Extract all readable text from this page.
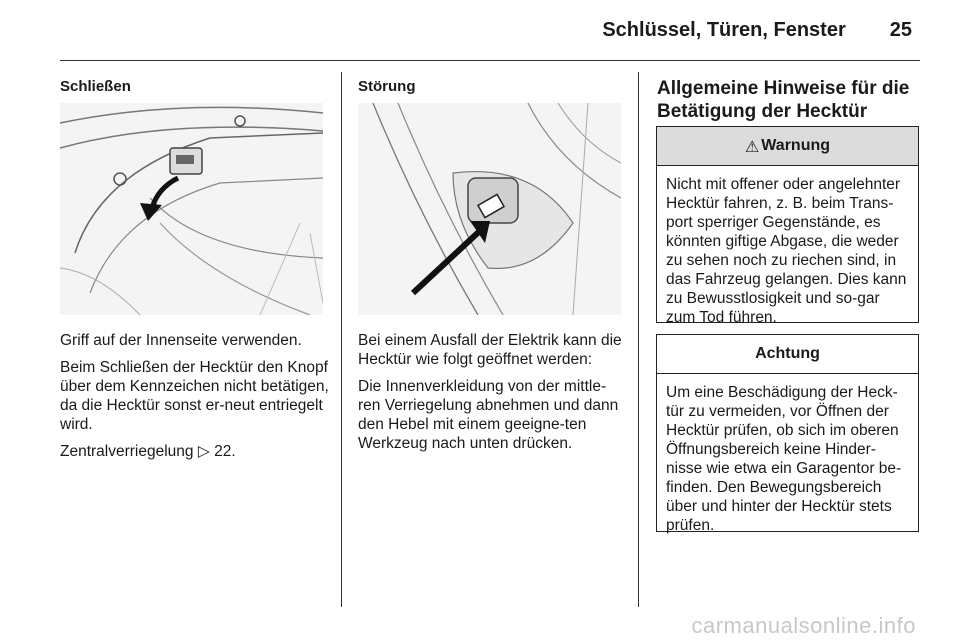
Schlüssel, Türen, Fenster 25
Schließen

Griff auf der Innenseite verwenden.

Beim Schließen der Hecktür den Knopf über dem Kennzeichen nicht betätigen, da die Hecktür sonst er-neut entriegelt wird.

Zentralverriegelung ▷ 22.

Störung

Bei einem Ausfall der Elektrik kann die Hecktür wie folgt geöffnet werden:

Die Innenverkleidung von der mittle-ren Verriegelung abnehmen und dann den Hebel mit einem geeigne-ten Werkzeug nach unten drücken.

Allgemeine Hinweise für die Betätigung der Hecktür
⚠ Warnung
Nicht mit offener oder angelehnter Hecktür fahren, z. B. beim Trans-port sperriger Gegenstände, es könnten giftige Abgase, die weder zu sehen noch zu riechen sind, in das Fahrzeug gelangen. Dies kann zu Bewusstlosigkeit und so-gar zum Tod führen.
Achtung
Um eine Beschädigung der Heck-tür zu vermeiden, vor Öffnen der Hecktür prüfen, ob sich im oberen Öffnungsbereich keine Hinder-nisse wie etwa ein Garagentor be-finden. Den Bewegungsbereich über und hinter der Hecktür stets prüfen.
carmanualsonline.info
